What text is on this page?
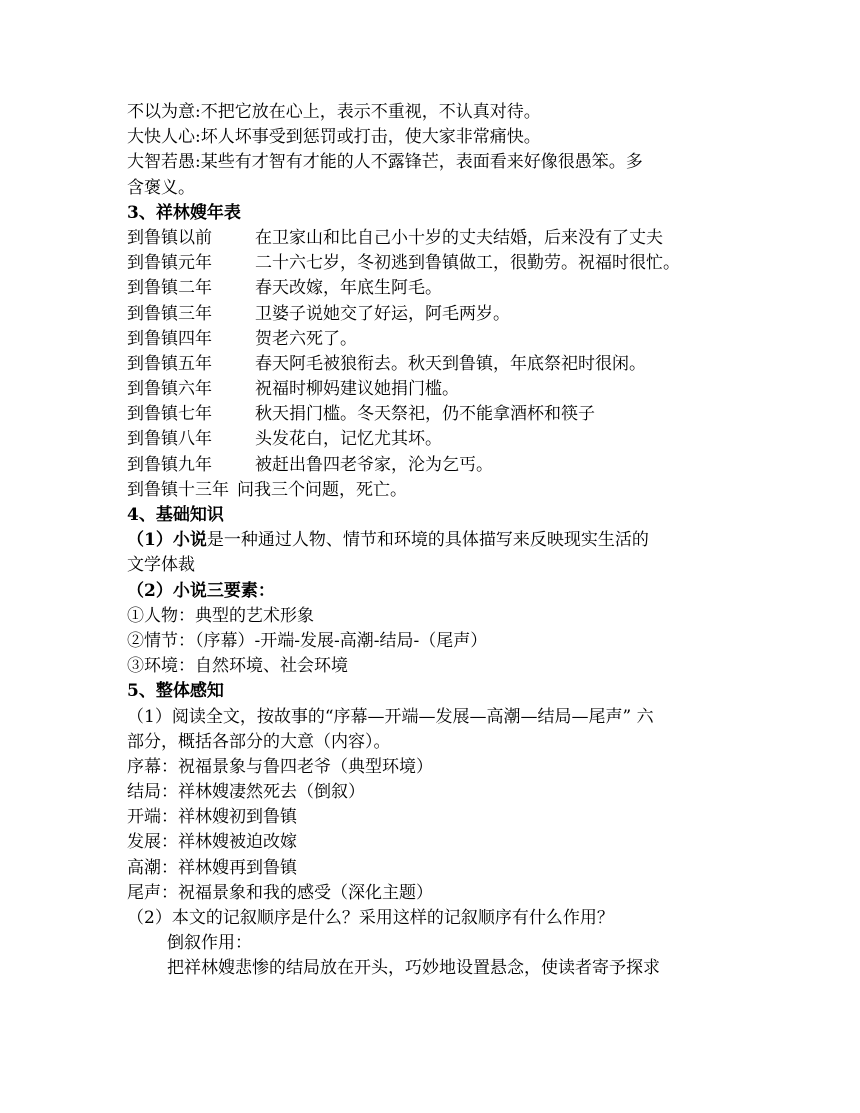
不以为意:不把它放在心上，表示不重视，不认真对待。
大快人心:坏人坏事受到惩罚或打击，使大家非常痛快。
大智若愚:某些有才智有才能的人不露锋芒，表面看来好像很愚笨。多
含褒义。
3、祥林嫂年表
到鲁镇以前	在卫家山和比自己小十岁的丈夫结婚，后来没有了丈夫
到鲁镇元年	二十六七岁，冬初逃到鲁镇做工，很勤劳。祝福时很忙。
到鲁镇二年	春天改嫁，年底生阿毛。
到鲁镇三年	卫婆子说她交了好运，阿毛两岁。
到鲁镇四年	贺老六死了。
到鲁镇五年	春天阿毛被狼衔去。秋天到鲁镇，年底祭祀时很闲。
到鲁镇六年	祝福时柳妈建议她捐门槛。
到鲁镇七年	秋天捐门槛。冬天祭祀，仍不能拿酒杯和筷子
到鲁镇八年	头发花白，记忆尤其坏。
到鲁镇九年	被赶出鲁四老爷家，沦为乞丐。
到鲁镇十三年 问我三个问题，死亡。
4、基础知识
（1）小说是一种通过人物、情节和环境的具体描写来反映现实生活的
文学体裁
（2）小说三要素：
①人物：典型的艺术形象
②情节：（序幕）-开端-发展-高潮-结局-（尾声）
③环境：自然环境、社会环境
5、整体感知
（1）阅读全文，按故事的“序幕—开端—发展—高潮—结局—尾声” 六
部分，概括各部分的大意（内容）。
序幕：祝福景象与鲁四老爷（典型环境）
结局：祥林嫂凄然死去（倒叙）
开端：祥林嫂初到鲁镇
发展：祥林嫂被迫改嫁
高潮：祥林嫂再到鲁镇
尾声：祝福景象和我的感受（深化主题）
（2）本文的记叙顺序是什么？采用这样的记叙顺序有什么作用？
倒叙作用：
把祥林嫂悲惨的结局放在开头，巧妙地设置悬念，使读者寄予探求
